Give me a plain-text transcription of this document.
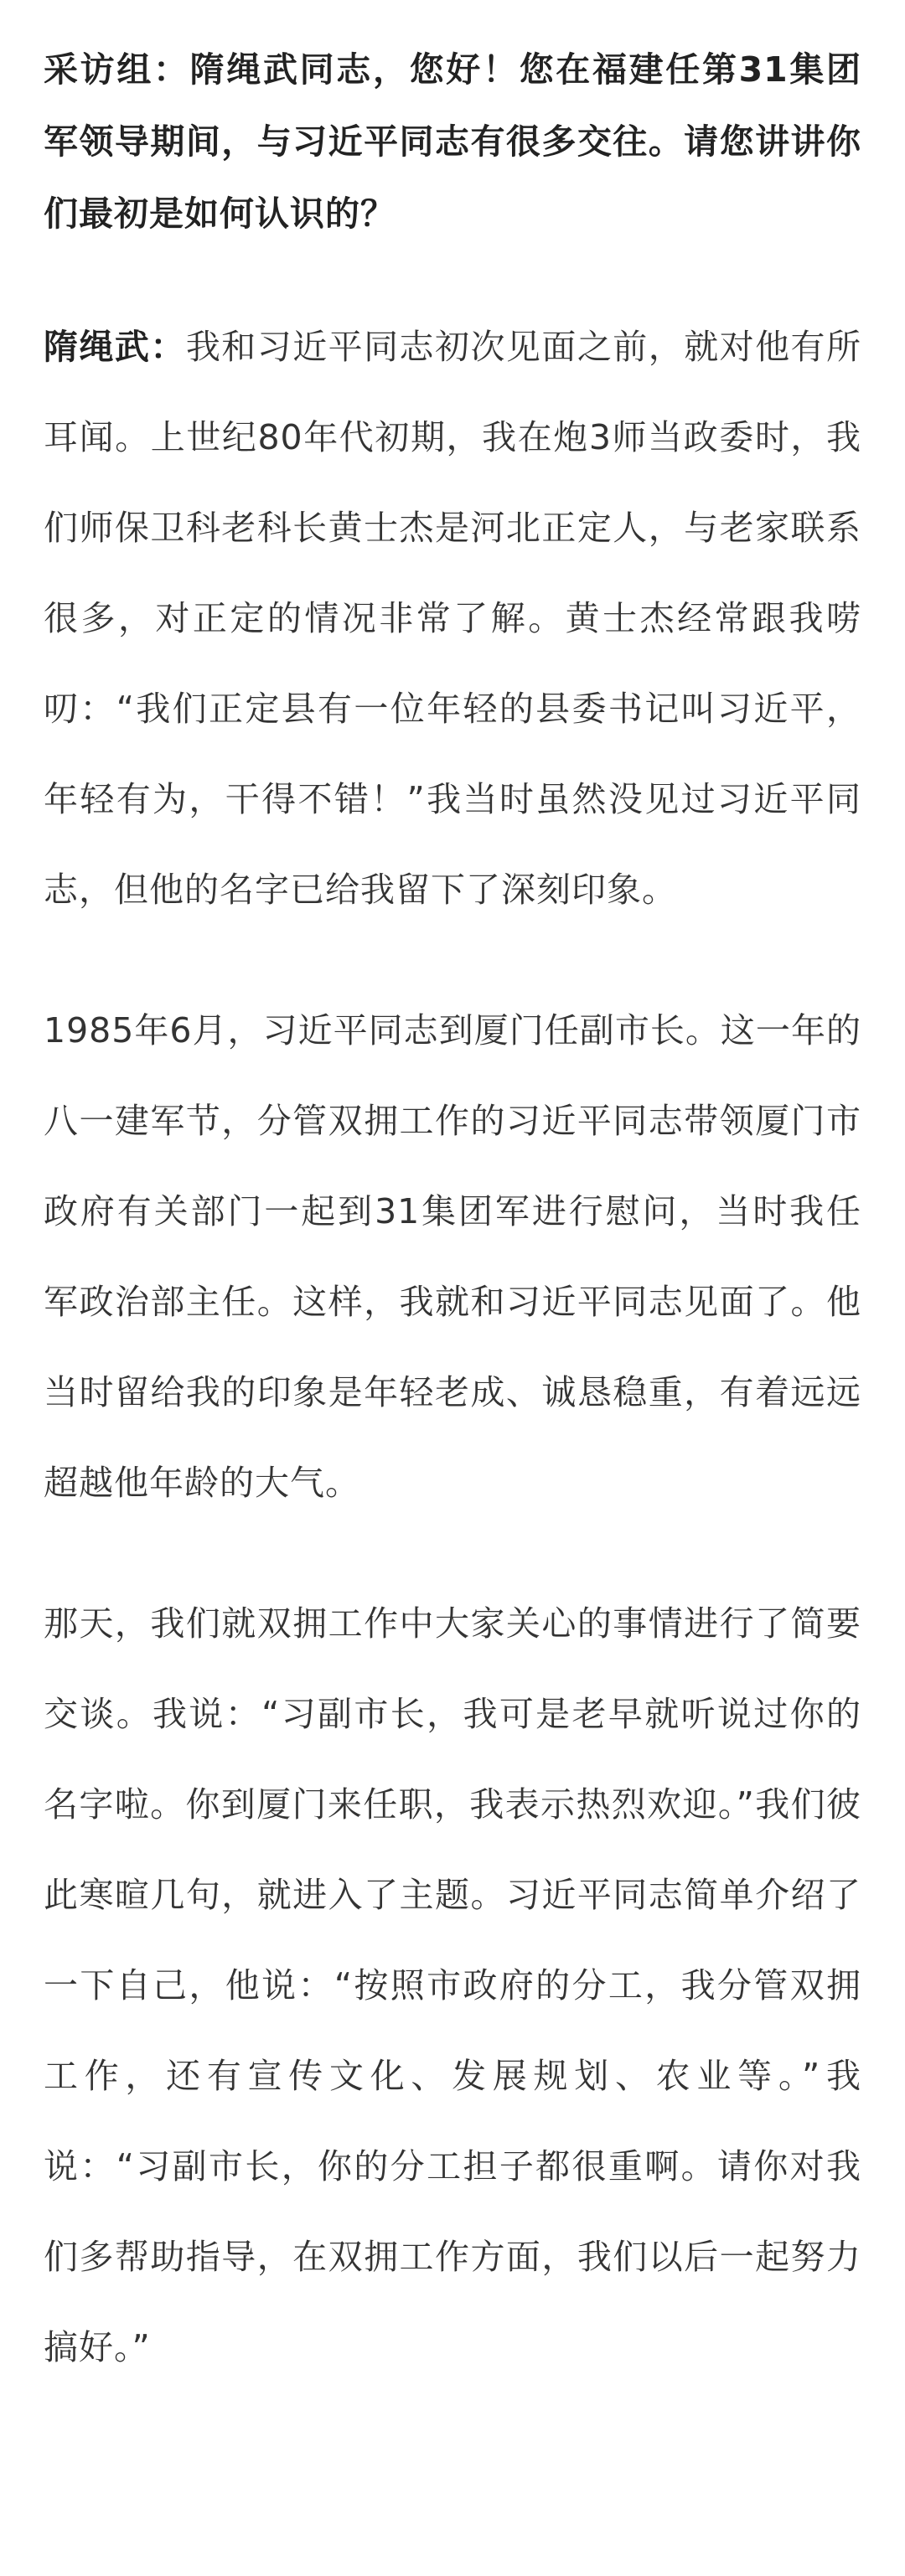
采访组：隋绳武同志，您好！您在福建任第31集团军领导期间，与习近平同志有很多交往。请您讲讲你们最初是如何认识的？

隋绳武：我和习近平同志初次见面之前，就对他有所耳闻。上世纪80年代初期，我在炮3师当政委时，我们师保卫科老科长黄士杰是河北正定人，与老家联系很多，对正定的情况非常了解。黄士杰经常跟我唠叨：“我们正定县有一位年轻的县委书记叫习近平，年轻有为，干得不错！”我当时虽然没见过习近平同志，但他的名字已给我留下了深刻印象。

1985年6月，习近平同志到厦门任副市长。这一年的八一建军节，分管双拥工作的习近平同志带领厦门市政府有关部门一起到31集团军进行慰问，当时我任军政治部主任。这样，我就和习近平同志见面了。他当时留给我的印象是年轻老成、诚恳稳重，有着远远超越他年龄的大气。

那天，我们就双拥工作中大家关心的事情进行了简要交谈。我说：“习副市长，我可是老早就听说过你的名字啦。你到厦门来任职，我表示热烈欢迎。”我们彼此寒暄几句，就进入了主题。习近平同志简单介绍了一下自己，他说：“按照市政府的分工，我分管双拥工作，还有宣传文化、发展规划、农业等。”我说：“习副市长，你的分工担子都很重啊。请你对我们多帮助指导，在双拥工作方面，我们以后一起努力搞好。”
